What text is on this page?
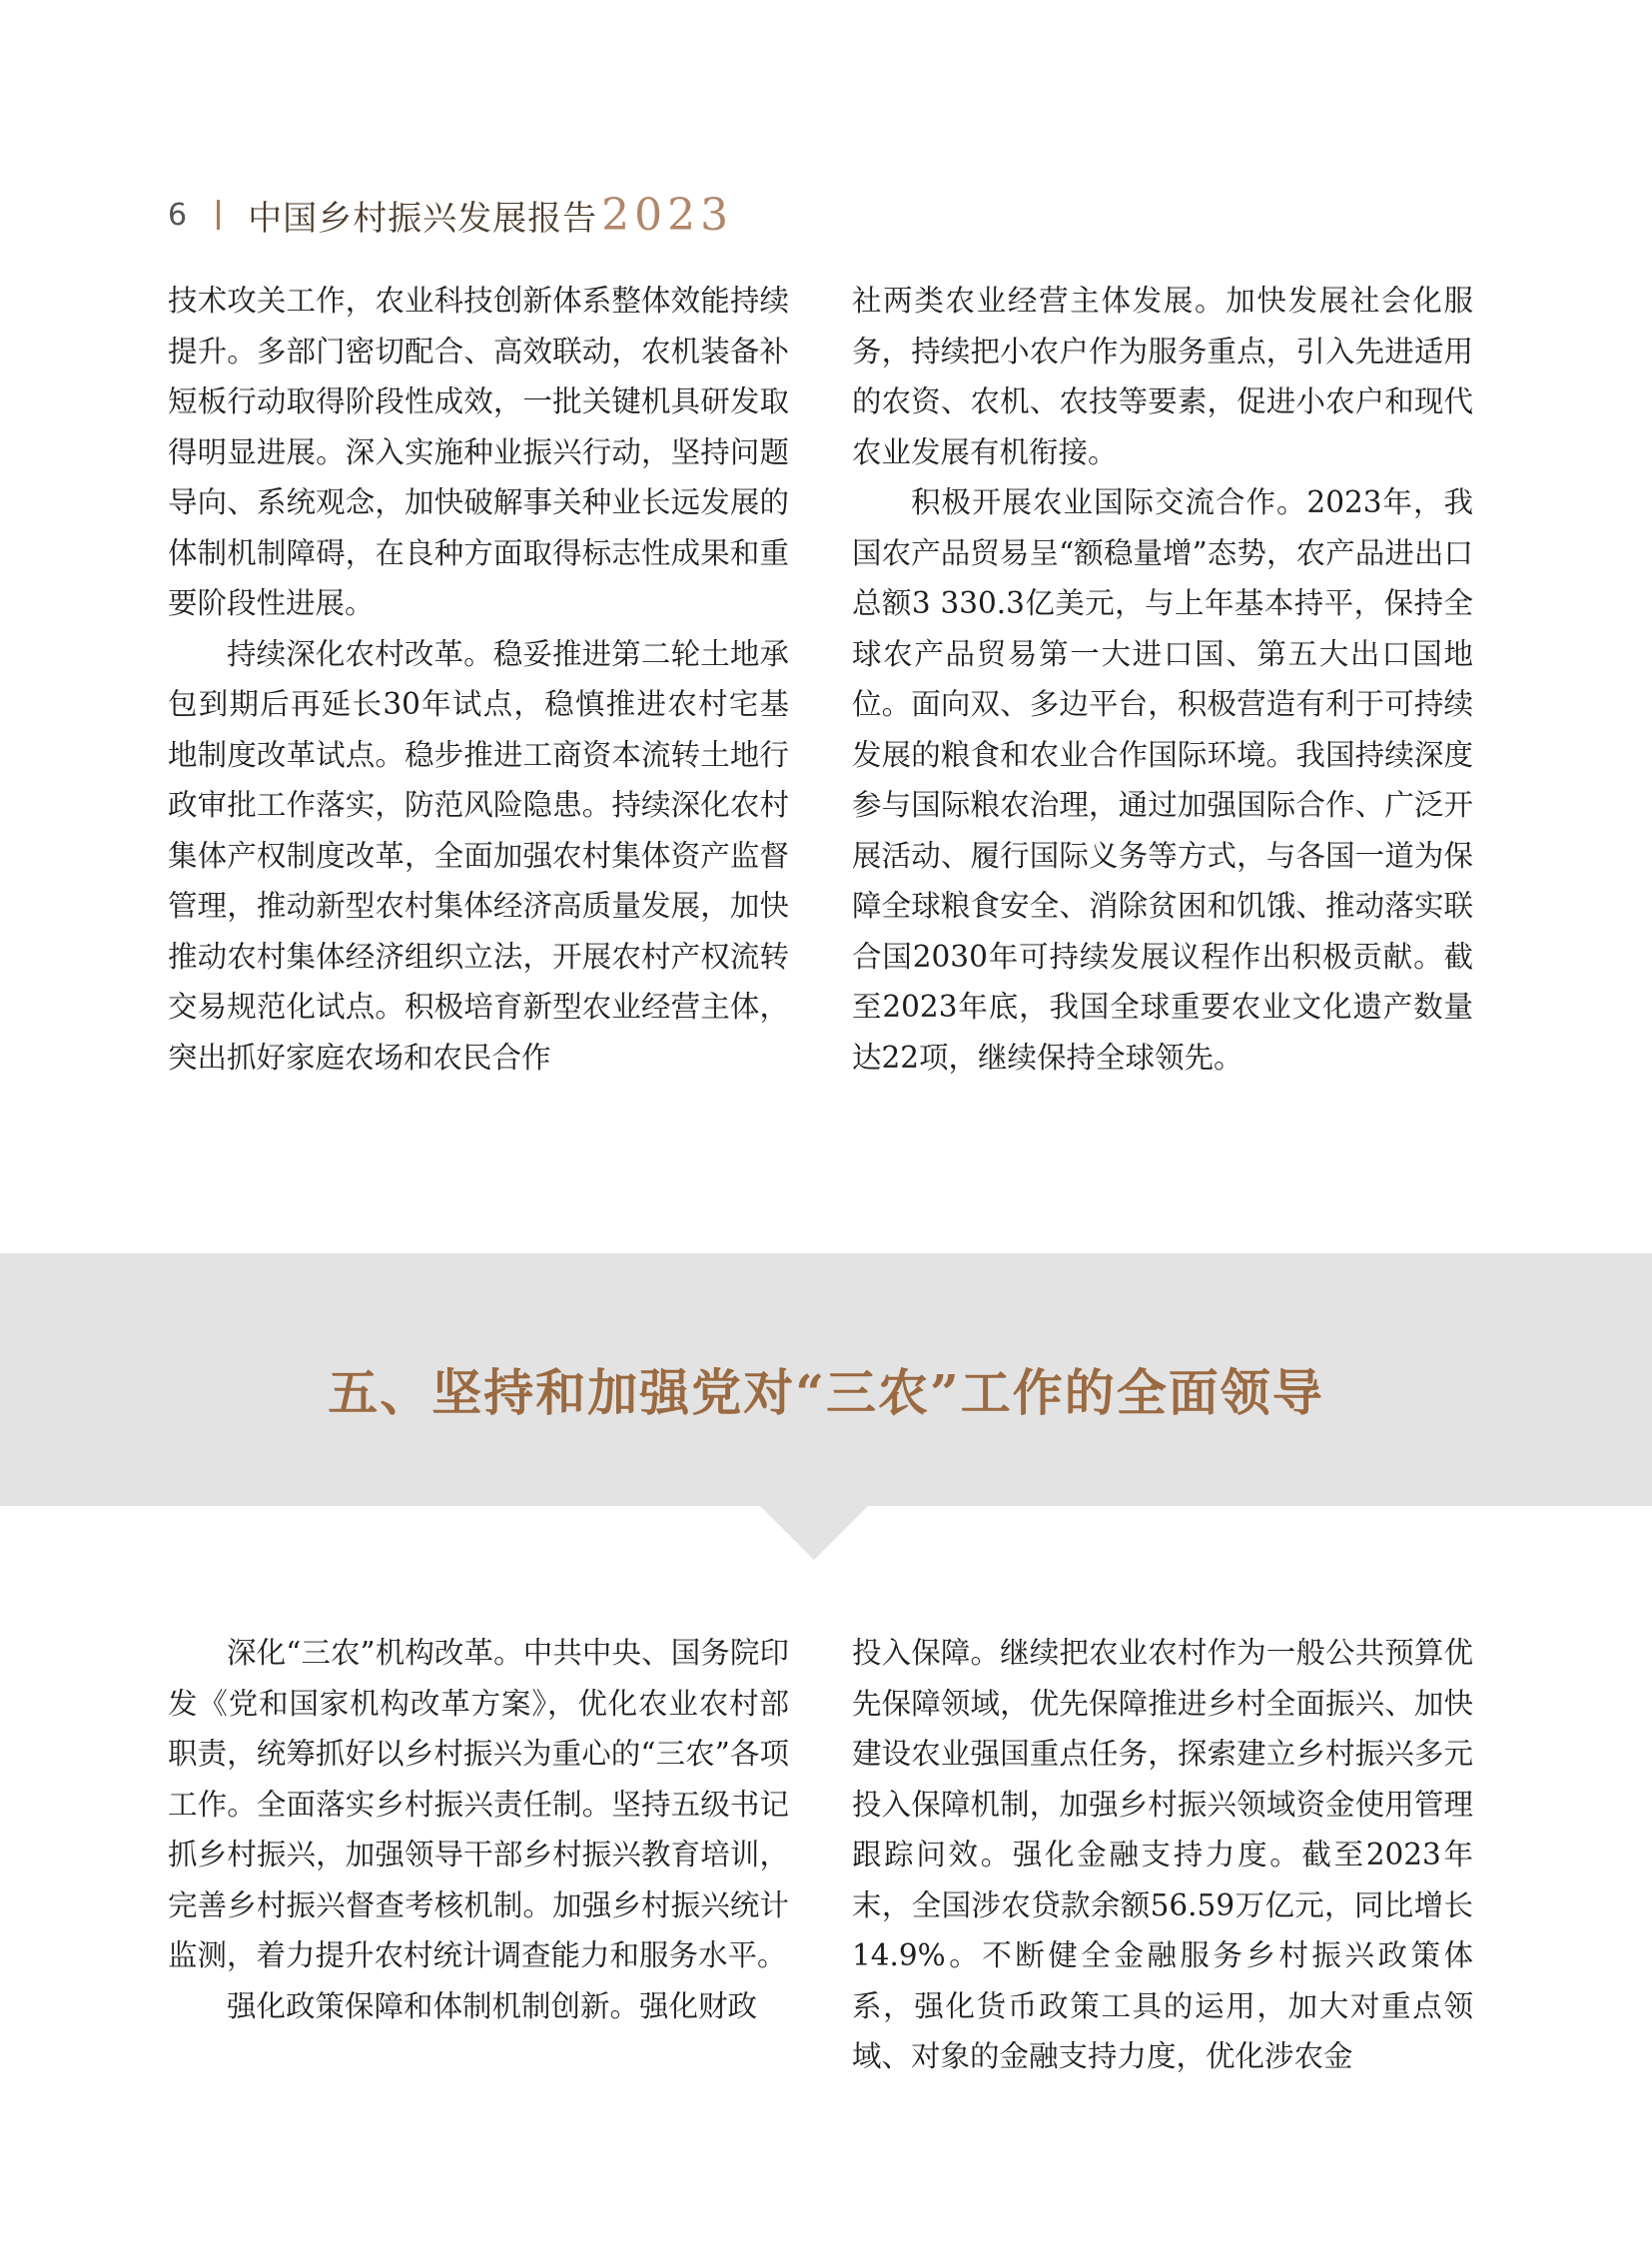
6 中国乡村振兴发展报告 2023

技术攻关工作，农业科技创新体系整体效能持续提升。多部门密切配合、高效联动，农机装备补短板行动取得阶段性成效，一批关键机具研发取得明显进展。深入实施种业振兴行动，坚持问题导向、系统观念，加快破解事关种业长远发展的体制机制障碍，在良种方面取得标志性成果和重要阶段性进展。

持续深化农村改革。稳妥推进第二轮土地承包到期后再延长30年试点，稳慎推进农村宅基地制度改革试点。稳步推进工商资本流转土地行政审批工作落实，防范风险隐患。持续深化农村集体产权制度改革，全面加强农村集体资产监督管理，推动新型农村集体经济高质量发展，加快推动农村集体经济组织立法，开展农村产权流转交易规范化试点。积极培育新型农业经营主体，突出抓好家庭农场和农民合作

社两类农业经营主体发展。加快发展社会化服务，持续把小农户作为服务重点，引入先进适用的农资、农机、农技等要素，促进小农户和现代农业发展有机衔接。

积极开展农业国际交流合作。2023年，我国农产品贸易呈“额稳量增”态势，农产品进出口总额3 330.3亿美元，与上年基本持平，保持全球农产品贸易第一大进口国、第五大出口国地位。面向双、多边平台，积极营造有利于可持续发展的粮食和农业合作国际环境。我国持续深度参与国际粮农治理，通过加强国际合作、广泛开展活动、履行国际义务等方式，与各国一道为保障全球粮食安全、消除贫困和饥饿、推动落实联合国2030年可持续发展议程作出积极贡献。截至2023年底，我国全球重要农业文化遗产数量达22项，继续保持全球领先。

五、坚持和加强党对“三农”工作的全面领导

深化“三农”机构改革。中共中央、国务院印发《党和国家机构改革方案》，优化农业农村部职责，统筹抓好以乡村振兴为重心的“三农”各项工作。全面落实乡村振兴责任制。坚持五级书记抓乡村振兴，加强领导干部乡村振兴教育培训，完善乡村振兴督查考核机制。加强乡村振兴统计监测，着力提升农村统计调查能力和服务水平。

强化政策保障和体制机制创新。强化财政

投入保障。继续把农业农村作为一般公共预算优先保障领域，优先保障推进乡村全面振兴、加快建设农业强国重点任务，探索建立乡村振兴多元投入保障机制，加强乡村振兴领域资金使用管理跟踪问效。强化金融支持力度。截至2023年末，全国涉农贷款余额56.59万亿元，同比增长14.9%。不断健全金融服务乡村振兴政策体系，强化货币政策工具的运用，加大对重点领域、对象的金融支持力度，优化涉农金
